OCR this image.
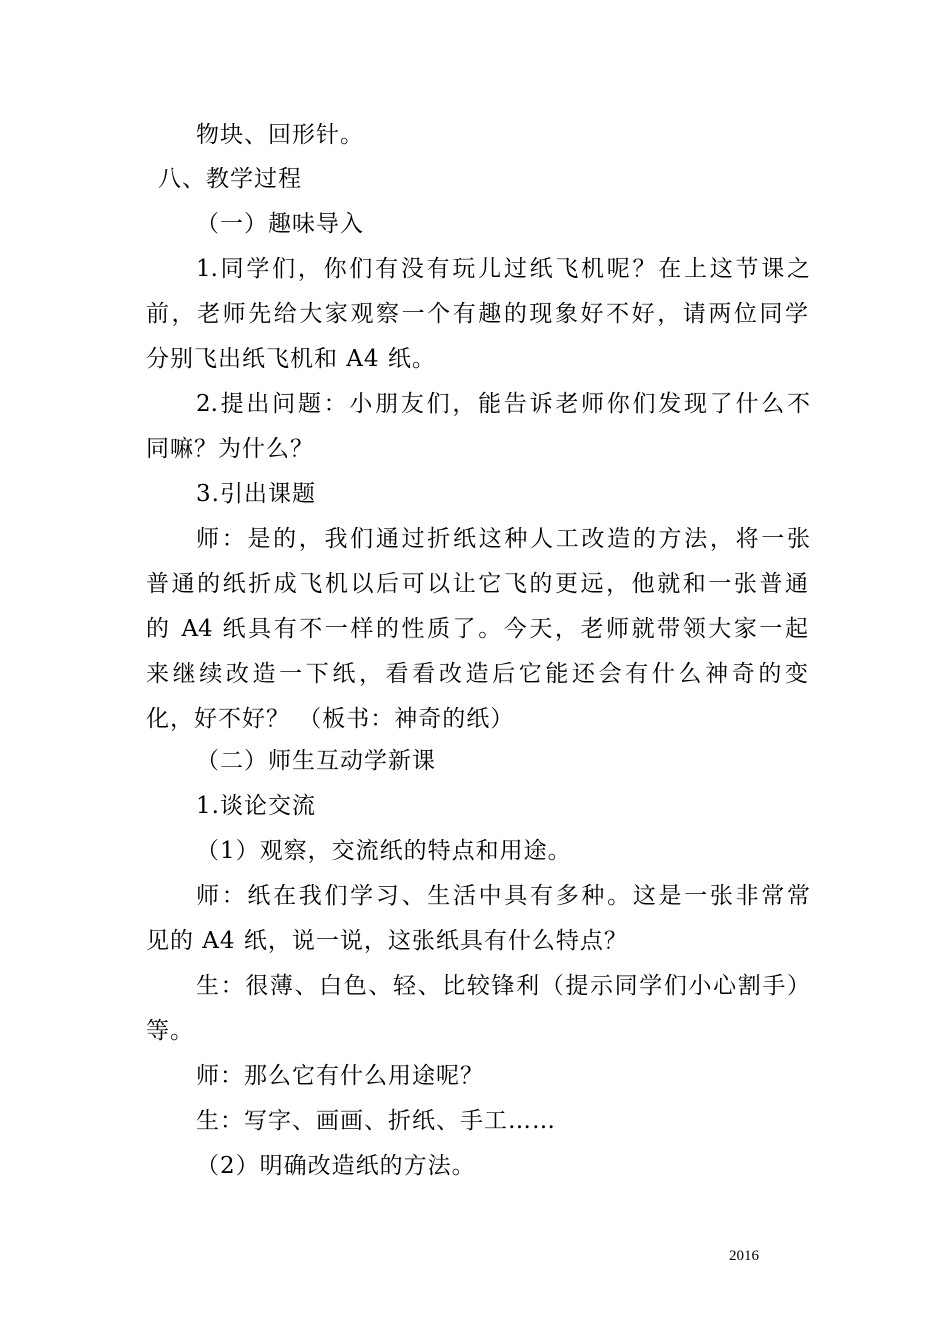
物块、回形针。
八、教学过程
（一）趣味导入
1.同学们，你们有没有玩儿过纸飞机呢？在上这节课之
前，老师先给大家观察一个有趣的现象好不好，请两位同学
分别飞出纸飞机和 A4 纸。
2.提出问题：小朋友们，能告诉老师你们发现了什么不
同嘛？为什么？
3.引出课题
师：是的，我们通过折纸这种人工改造的方法，将一张
普通的纸折成飞机以后可以让它飞的更远，他就和一张普通
的 A4 纸具有不一样的性质了。今天，老师就带领大家一起
来继续改造一下纸，看看改造后它能还会有什么神奇的变
化，好不好？ （板书：神奇的纸）
（二）师生互动学新课
1.谈论交流
（1）观察，交流纸的特点和用途。
师：纸在我们学习、生活中具有多种。这是一张非常常
见的 A4 纸，说一说，这张纸具有什么特点？
生：很薄、白色、轻、比较锋利（提示同学们小心割手）
等。
师：那么它有什么用途呢？
生：写字、画画、折纸、手工……
（2）明确改造纸的方法。
2016
